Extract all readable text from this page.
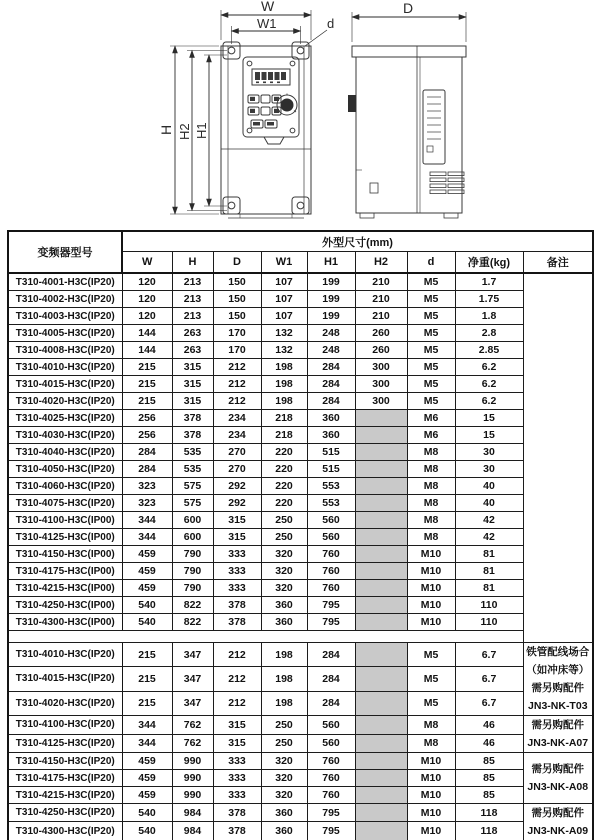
W
W1	d
D
H H2 H1
变频器型号	外型尺寸(mm)								
	W	H	D	W1	H1	H2	d	净重(kg)	备注
T310-4001-H3C(IP20)	120	213	150	107	199	210	M5	1.7	
T310-4002-H3C(IP20)	120	213	150	107	199	210	M5	1.75	
T310-4003-H3C(IP20)	120	213	150	107	199	210	M5	1.8	
T310-4005-H3C(IP20)	144	263	170	132	248	260	M5	2.8	
T310-4008-H3C(IP20)	144	263	170	132	248	260	M5	2.85	
T310-4010-H3C(IP20)	215	315	212	198	284	300	M5	6.2	
T310-4015-H3C(IP20)	215	315	212	198	284	300	M5	6.2	
T310-4020-H3C(IP20)	215	315	212	198	284	300	M5	6.2	
T310-4025-H3C(IP20)	256	378	234	218	360		M6	15	
T310-4030-H3C(IP20)	256	378	234	218	360		M6	15	
T310-4040-H3C(IP20)	284	535	270	220	515		M8	30	
T310-4050-H3C(IP20)	284	535	270	220	515		M8	30	
T310-4060-H3C(IP20)	323	575	292	220	553		M8	40	
T310-4075-H3C(IP20)	323	575	292	220	553		M8	40	
T310-4100-H3C(IP00)	344	600	315	250	560		M8	42	
T310-4125-H3C(IP00)	344	600	315	250	560		M8	42	
T310-4150-H3C(IP00)	459	790	333	320	760		M10	81	
T310-4175-H3C(IP00)	459	790	333	320	760		M10	81	
T310-4215-H3C(IP00)	459	790	333	320	760		M10	81	
T310-4250-H3C(IP00)	540	822	378	360	795		M10	110	
T310-4300-H3C(IP00)	540	822	378	360	795		M10	110	

T310-4010-H3C(IP20)	215	347	212	198	284		M5	6.7	铁管配线场合
（如冲床等）
需另购配件
JN3-NK-T03
T310-4015-H3C(IP20)	215	347	212	198	284		M5	6.7	
T310-4020-H3C(IP20)	215	347	212	198	284		M5	6.7	
T310-4100-H3C(IP20)	344	762	315	250	560		M8	46	需另购配件
JN3-NK-A07
T310-4125-H3C(IP20)	344	762	315	250	560		M8	46	
T310-4150-H3C(IP20)	459	990	333	320	760		M10	85	需另购配件
JN3-NK-A08
T310-4175-H3C(IP20)	459	990	333	320	760		M10	85	
T310-4215-H3C(IP20)	459	990	333	320	760		M10	85	
T310-4250-H3C(IP20)	540	984	378	360	795		M10	118	需另购配件
JN3-NK-A09
T310-4300-H3C(IP20)	540	984	378	360	795		M10	118	
